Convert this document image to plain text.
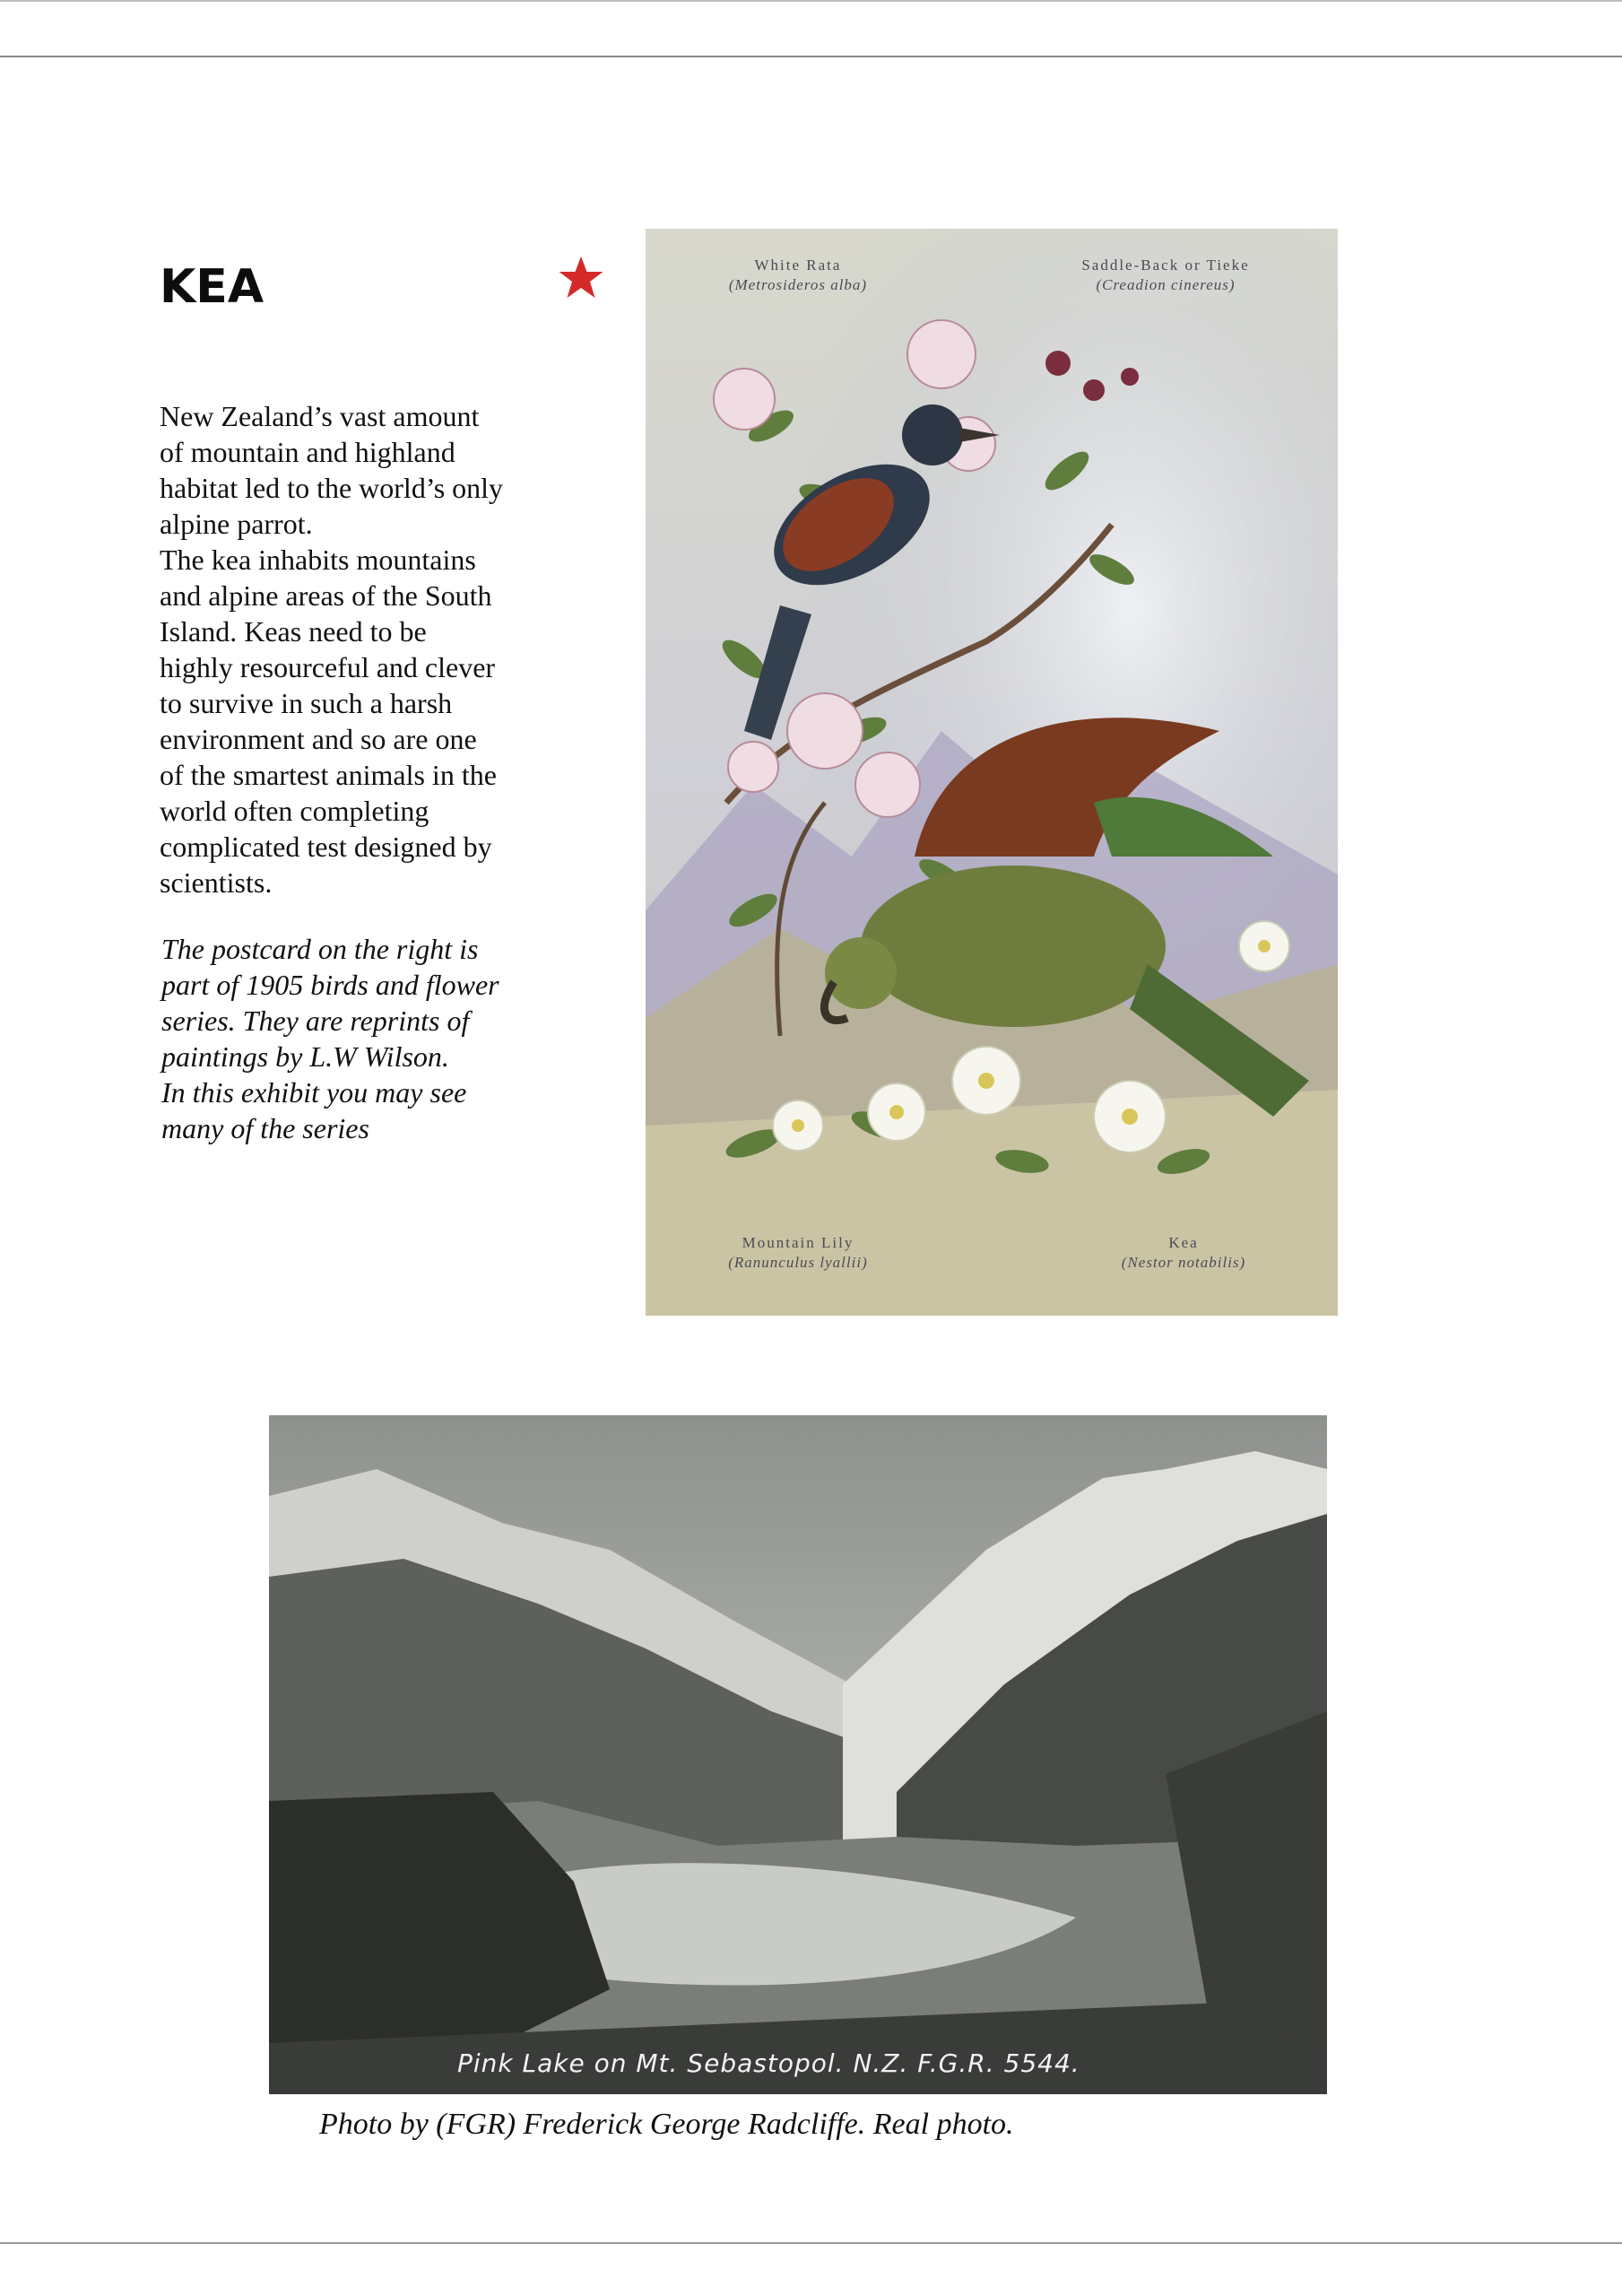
KEA

New Zealand’s vast amount

of mountain and highland

habitat led to the world’s only

alpine parrot.

The kea inhabits mountains

and alpine areas of the South

Island. Keas need to be

highly resourceful and clever

to survive in such a harsh

environment and so are one

of the smartest animals in the

world often completing

complicated test designed by

scientists.

The postcard on the right is

part of 1905 birds and flower

series. They are reprints of

paintings by L.W Wilson.

In this exhibit you may see

many of the series

White Rata
(Metrosideros alba)
Saddle-Back or Tieke
(Creadion cinereus)
Mountain Lily
(Ranunculus lyallii)
Kea
(Nestor notabilis)
Pink Lake on Mt. Sebastopol. N.Z. F.G.R. 5544.
Photo by (FGR) Frederick George Radcliffe. Real photo.
